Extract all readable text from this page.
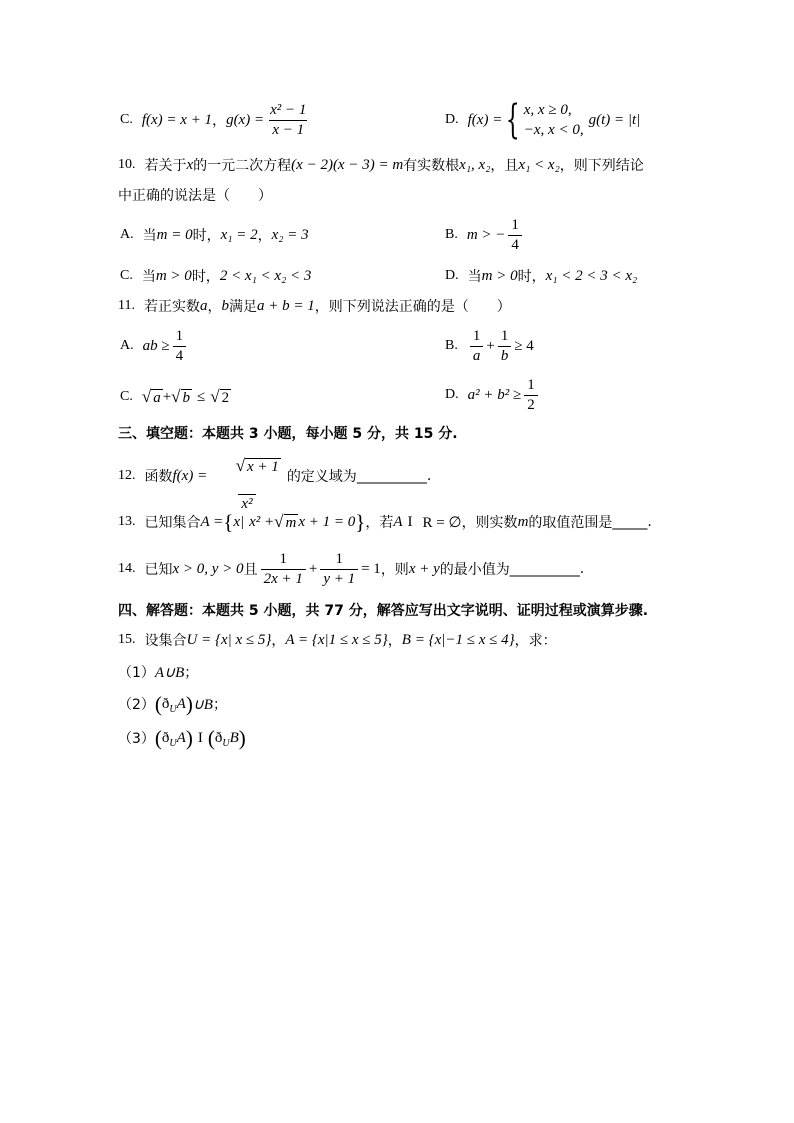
C. f(x) = x + 1 ， $g(x) = \frac{\text{x² − 1}}{x - 1}$	D. f(x) = { x, x ≥ 0,
−x, x < 0,
g(t) = |t|
10. 若关于 x 的一元二次方程 (x − 2)(x − 3) = m 有实数根 x₁, x₂ ，且 x₁ < x₂ ，则下列结论
中正确的说法是（　　）
A. 当 m = 0 时， x₁ = 2 ， x₂ = 3	B. m > − $\frac{1}{4}$
C. 当 m > 0 时， 2 < x₁ < x₂ < 3	D. 当 m > 0 时， x₁ < 2 < 3 < x₂
11. 若正实数 a ， b 满足 a + b = 1 ，则下列说法正确的是（　　）
A. ab ≥ $\frac{1}{4}$	B. $\frac{1}{a} + \frac{1}{b} \ge 4$
C. √ a + √ b ≤ √ 2	D. $a^2 + b^2 \ge \frac{1}{2}$
三、填空题：本题共 3 小题，每小题 5 分，共 15 分.
12. 函数 f(x) =

$\frac{√ x + 1}{\text{x²}}$ 的定义域为 __________ .
13. 已知集合 A = { x| x² + √ m x + 1 = 0 } ，若 A I R = ∅ ，则实数 m 的取值范围是 _____ .
14. 已知 x > 0, y > 0 且 $\frac{1}{2x + 1} + \frac{1}{y + 1} = 1$ ，则 x + y 的最小值为 __________ .
四、解答题：本题共 5 小题，共 77 分，解答应写出文字说明、证明过程或演算步骤.
15. 设集合 U = {x| x ≤ 5} ， A = {x|1 ≤ x ≤ 5} ， B = {x|−1 ≤ x ≤ 4} ，求：
（1） A∪B ；
（2） ( ð U A ) ∪B ；
（3） ( ð U A ) I ( ð U B )
